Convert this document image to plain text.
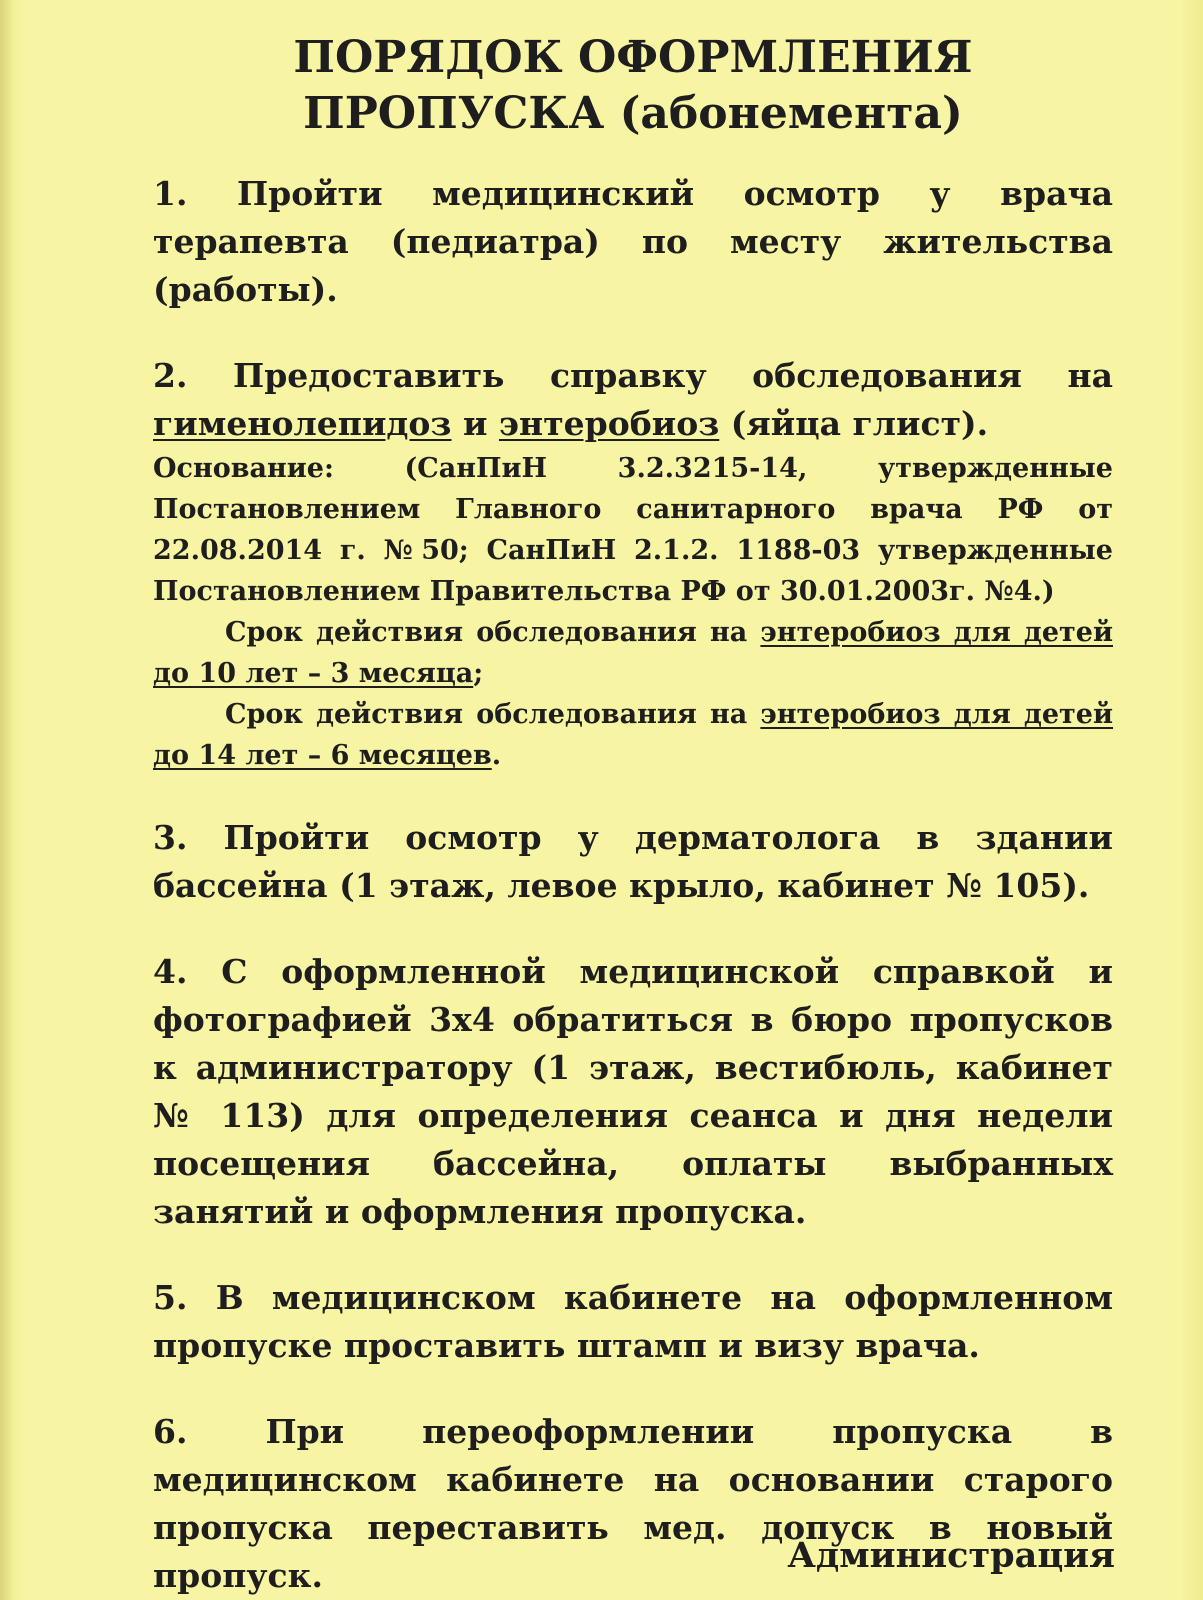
ПОРЯДОК ОФОРМЛЕНИЯ
ПРОПУСКА (абонемента)

1. Пройти медицинский осмотр у врача терапевта (педиатра) по месту жительства (работы).

2. Предоставить справку обследования на гименолепидоз и энтеробиоз (яйца глист).

Основание: (СанПиН 3.2.3215-14, утвержденные Постановлением Главного санитарного врача РФ от 22.08.2014 г. №50; СанПиН 2.1.2. 1188-03 утвержденные Постановлением Правительства РФ от 30.01.2003г. №4.)

Срок действия обследования на энтеробиоз для детей до 10 лет – 3 месяца;

Срок действия обследования на энтеробиоз для детей до 14 лет – 6 месяцев.

3. Пройти осмотр у дерматолога в здании бассейна (1 этаж, левое крыло, кабинет № 105).

4. С оформленной медицинской справкой и фотографией 3х4 обратиться в бюро пропусков к администратору (1 этаж, вестибюль, кабинет № 113) для определения сеанса и дня недели посещения бассейна, оплаты выбранных занятий и оформления пропуска.

5. В медицинском кабинете на оформленном пропуске проставить штамп и визу врача.

6. При переоформлении пропуска в медицинском кабинете на основании старого пропуска переставить мед. допуск в новый пропуск.	Администрация
